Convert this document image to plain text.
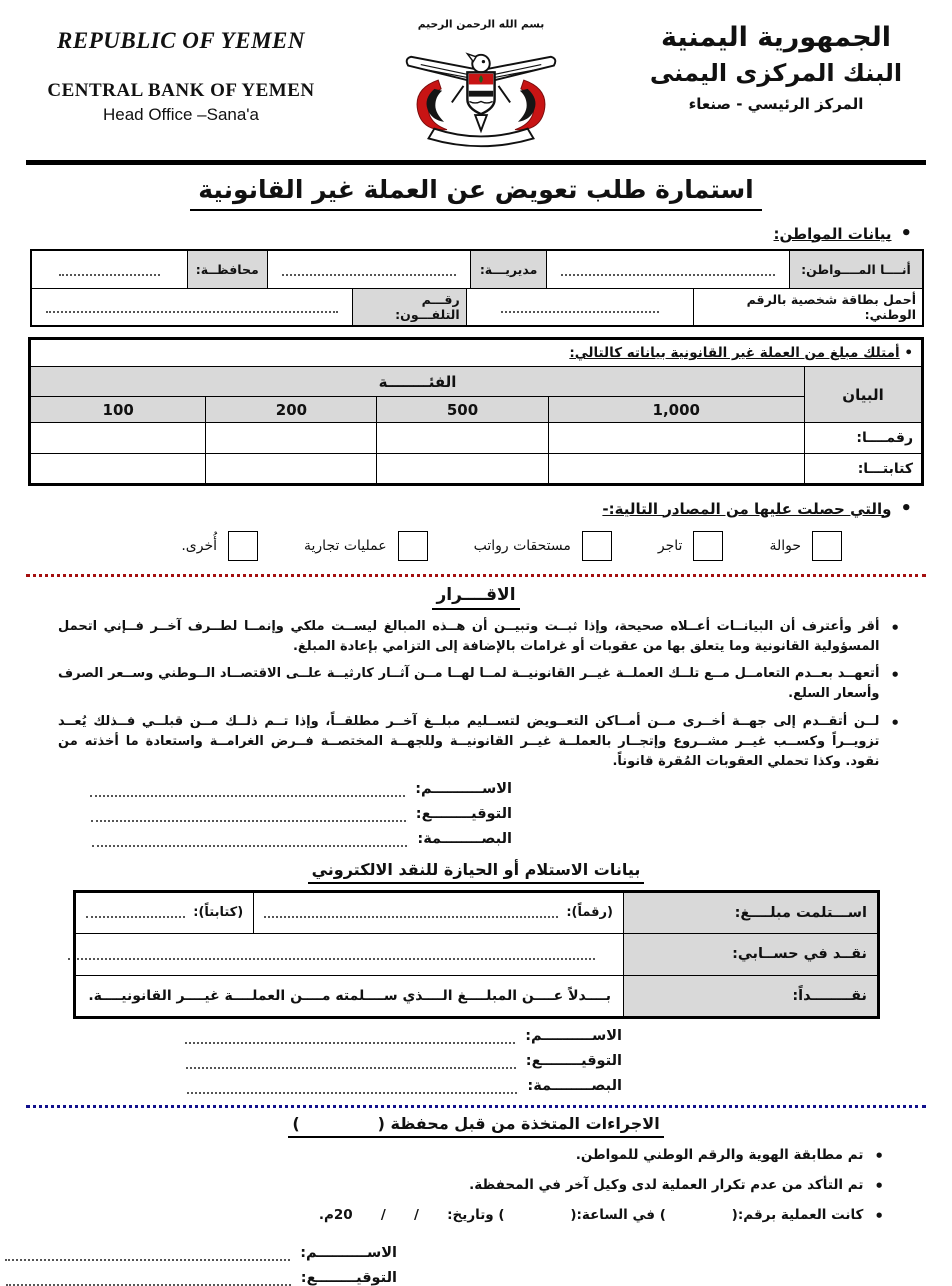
الجمهورية اليمنية
البنك المركزى اليمنى
المركز الرئيسي - صنعاء
بسم الله الرحمن الرحيم
REPUBLIC OF YEMEN
CENTRAL BANK OF YEMEN
Head Office –Sana'a
استمارة طلب تعويض عن العملة غير القانونية
• بيانات المواطن:
أنــــا المــــواطن:
مديريـــة:
محافظــة:
أحمل بطاقة شخصية بالرقم الوطني:
رقـــم التلفـــون:
• أمتلك مبلغ من العملة غير القانونية بياناته كالتالي:
البيان	الفئــــــــة			
	1,000	500	200	100
رقمــــا:				
كتابتـــا:				
• والتي حصلت عليها من المصادر التالية:-
حوالة
تاجر
مستحقات رواتب
عمليات تجارية
أُخرى.
الاقــــرار
• أقر وأعترف أن البيانــات أعــلاه صحيحة، وإذا ثبــت وتبيــن أن هــذه المبالغ ليســت ملكي وإنمــا لطــرف آخــر فــإني اتحمل المسؤولية القانونية وما يتعلق بها من عقوبات أو غرامات بالإضافة إلى التزامي بإعادة المبلغ.
• أتعهــد بعــدم التعامــل مــع تلــك العملــة غيــر القانونيــة لمــا لهــا مــن آثــار كارثيــة علــى الاقتصــاد الــوطني وســعر الصرف وأسعار السلع.
• لــن أتقــدم إلى جهــة أخــرى مــن أمــاكن التعــويض لتســليم مبلــغ آخــر مطلقــاً، وإذا تــم ذلــك مــن قبلــي فــذلك يُعــد تزويــراً وكســب غيــر مشــروع وإتجــار بالعملــة غيــر القانونيــة وللجهــة المختصــة فــرض الغرامــة واستعادة ما أخذته من نقود. وكذا تحملي العقوبات المُقرة قانوناً.
الاســــــــــم:
التوقيــــــــع:
البصــــــــمة:
بيانات الاستلام أو الحيازة للنقد الالكتروني
اســـتلمت مبلــــغ:	(رقماً):	(كتابتاً):

نقــد في حســابي:		

نقــــــــداً:	بــــدلاً عــــن المبلــــغ الــــذي ســــلمته مــــن العملــــة غيــــر القانونيــــة.	
الاســــــــــم:
التوقيــــــــع:
البصــــــــمة:
الاجراءات المتخذة من قبل محفظة (              )
• تم مطابقة الهوية والرقم الوطني للمواطن.
• تم التأكد من عدم تكرار العملية لدى وكيل آخر في المحفظة.
• كانت العملية برقم:(              ) في الساعة:(              ) وتاريخ:      /      /      20م.
الاســــــــــم:
التوقيــــــــع:
